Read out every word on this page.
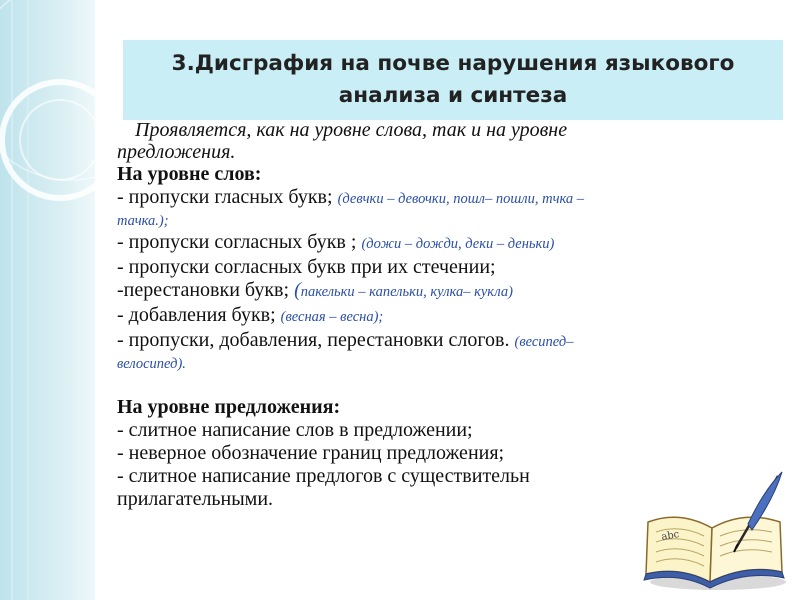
3.Дисграфия на почве нарушения языкового
анализа и синтеза
Проявляется, как на уровне слова, так и на уровне
предложения.
На уровне слов:
- пропуски гласных букв; (девчки – девочки, пошл– пошли, тчка –
тачка.);
- пропуски согласных букв ; (дожи – дожди, деки – деньки)
- пропуски согласных букв при их стечении;
-перестановки букв; (пакельки – капельки, кулка– кукла)
- добавления букв; (весная – весна);
- пропуски, добавления, перестановки слогов. (весипед–
велосипед).
На уровне предложения:
- слитное написание слов в предложении;
- неверное обозначение границ предложения;
- слитное написание предлогов с существительн
прилагательными.
abc
